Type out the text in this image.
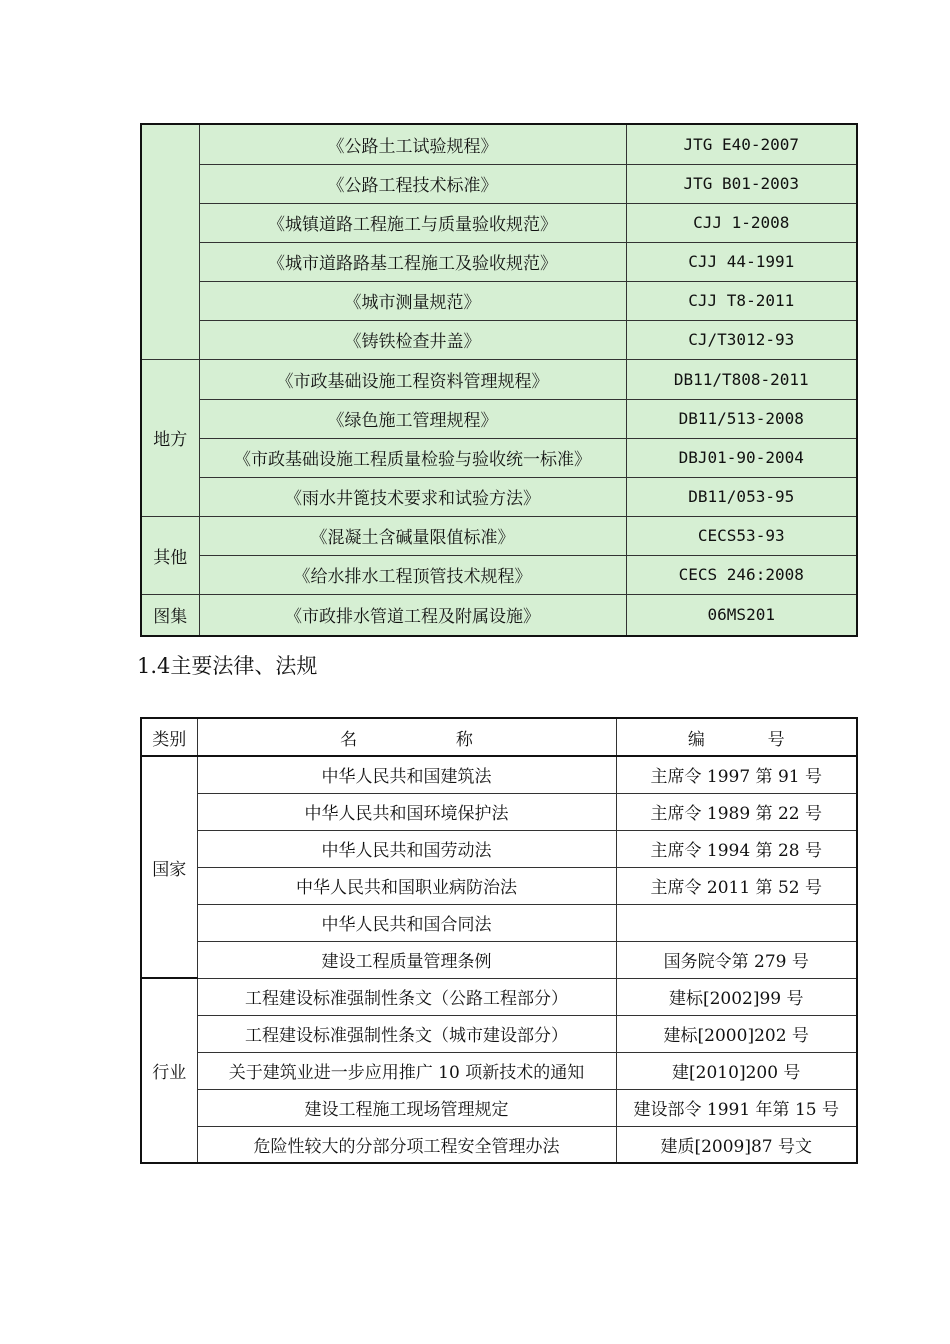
	《公路土工试验规程》	JTG E40-2007
	《公路工程技术标准》	JTG B01-2003
	《城镇道路工程施工与质量验收规范》	CJJ 1-2008
	《城市道路路基工程施工及验收规范》	CJJ 44-1991
	《城市测量规范》	CJJ T8-2011
	《铸铁检查井盖》	CJ/T3012-93
地方	《市政基础设施工程资料管理规程》	DB11/T808-2011
	《绿色施工管理规程》	DB11/513-2008
	《市政基础设施工程质量检验与验收统一标准》	DBJ01-90-2004
	《雨水井篦技术要求和试验方法》	DB11/053-95
其他	《混凝土含碱量限值标准》	CECS53-93
	《给水排水工程顶管技术规程》	CECS 246:2008
图集	《市政排水管道工程及附属设施》	06MS201
1.4主要法律、法规
类别	名 称	编 号
国家	中华人民共和国建筑法	主席令 1997 第 91 号
	中华人民共和国环境保护法	主席令 1989 第 22 号
	中华人民共和国劳动法	主席令 1994 第 28 号
	中华人民共和国职业病防治法	主席令 2011 第 52 号
	中华人民共和国合同法	
	建设工程质量管理条例	国务院令第 279 号
行业	工程建设标准强制性条文（公路工程部分）	建标[2002]99 号
	工程建设标准强制性条文（城市建设部分）	建标[2000]202 号
	关于建筑业进一步应用推广 10 项新技术的通知	建[2010]200 号
	建设工程施工现场管理规定	建设部令 1991 年第 15 号
	危险性较大的分部分项工程安全管理办法	建质[2009]87 号文
